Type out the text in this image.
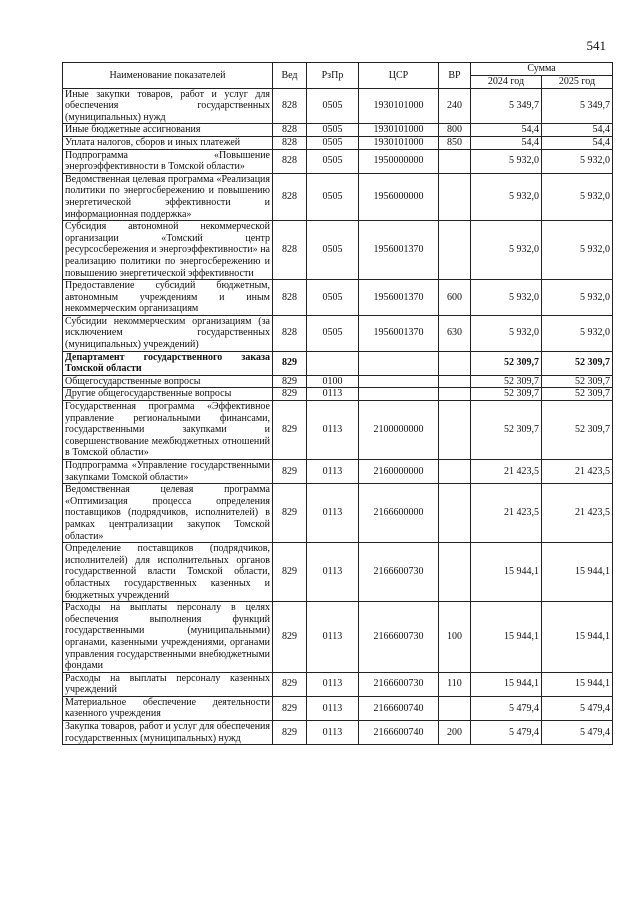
541
Наименование показателей	Вед	РзПр	ЦСР	ВР	Сумма	
					2024 год	2025 год
Иные закупки товаров, работ и услуг для обеспечения государственных (муниципальных) нужд	828	0505	1930101000	240	5 349,7	5 349,7
Иные бюджетные ассигнования	828	0505	1930101000	800	54,4	54,4
Уплата налогов, сборов и иных платежей	828	0505	1930101000	850	54,4	54,4
Подпрограмма «Повышение энергоэффективности в Томской области»	828	0505	1950000000		5 932,0	5 932,0
Ведомственная целевая программа «Реализация политики по энергосбережению и повышению энергетической эффективности и информационная поддержка»	828	0505	1956000000		5 932,0	5 932,0
Субсидия автономной некоммерческой организации «Томский центр ресурсосбережения и энергоэффективности» на реализацию политики по энергосбережению и повышению энергетической эффективности	828	0505	1956001370		5 932,0	5 932,0
Предоставление субсидий бюджетным, автономным учреждениям и иным некоммерческим организациям	828	0505	1956001370	600	5 932,0	5 932,0
Субсидии некоммерческим организациям (за исключением государственных (муниципальных) учреждений)	828	0505	1956001370	630	5 932,0	5 932,0
Департамент государственного заказа Томской области	829				52 309,7	52 309,7
Общегосударственные вопросы	829	0100			52 309,7	52 309,7
Другие общегосударственные вопросы	829	0113			52 309,7	52 309,7
Государственная программа «Эффективное управление региональными финансами, государственными закупками и совершенствование межбюджетных отношений в Томской области»	829	0113	2100000000		52 309,7	52 309,7
Подпрограмма «Управление государственными закупками Томской области»	829	0113	2160000000		21 423,5	21 423,5
Ведомственная целевая программа «Оптимизация процесса определения поставщиков (подрядчиков, исполнителей) в рамках централизации закупок Томской области»	829	0113	2166600000		21 423,5	21 423,5
Определение поставщиков (подрядчиков, исполнителей) для исполнительных органов государственной власти Томской области, областных государственных казенных и бюджетных учреждений	829	0113	2166600730		15 944,1	15 944,1
Расходы на выплаты персоналу в целях обеспечения выполнения функций государственными (муниципальными) органами, казенными учреждениями, органами управления государственными внебюджетными фондами	829	0113	2166600730	100	15 944,1	15 944,1
Расходы на выплаты персоналу казенных учреждений	829	0113	2166600730	110	15 944,1	15 944,1
Материальное обеспечение деятельности казенного учреждения	829	0113	2166600740		5 479,4	5 479,4
Закупка товаров, работ и услуг для обеспечения государственных (муниципальных) нужд	829	0113	2166600740	200	5 479,4	5 479,4
